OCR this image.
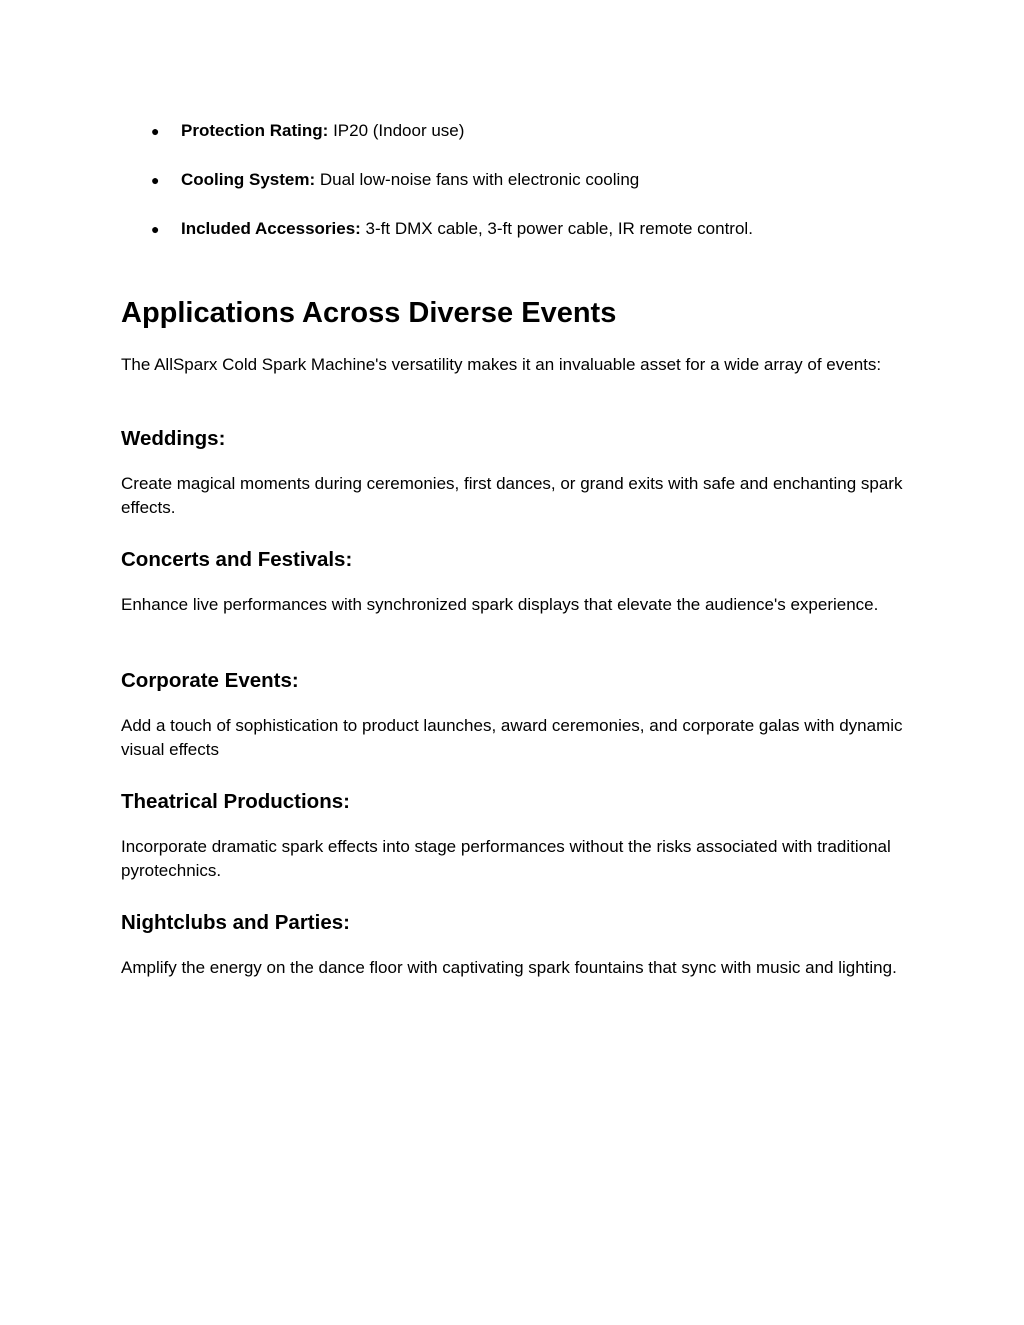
● Protection Rating: IP20 (Indoor use)
● Cooling System: Dual low-noise fans with electronic cooling
● Included Accessories: 3-ft DMX cable, 3-ft power cable, IR remote control.
Applications Across Diverse Events

The AllSparx Cold Spark Machine's versatility makes it an invaluable asset for a wide array of events:

Weddings:

Create magical moments during ceremonies, first dances, or grand exits with safe and enchanting spark effects.

Concerts and Festivals:

Enhance live performances with synchronized spark displays that elevate the audience's experience.

Corporate Events:

Add a touch of sophistication to product launches, award ceremonies, and corporate galas with dynamic visual effects

Theatrical Productions:

Incorporate dramatic spark effects into stage performances without the risks associated with traditional pyrotechnics.

Nightclubs and Parties:

Amplify the energy on the dance floor with captivating spark fountains that sync with music and lighting.
